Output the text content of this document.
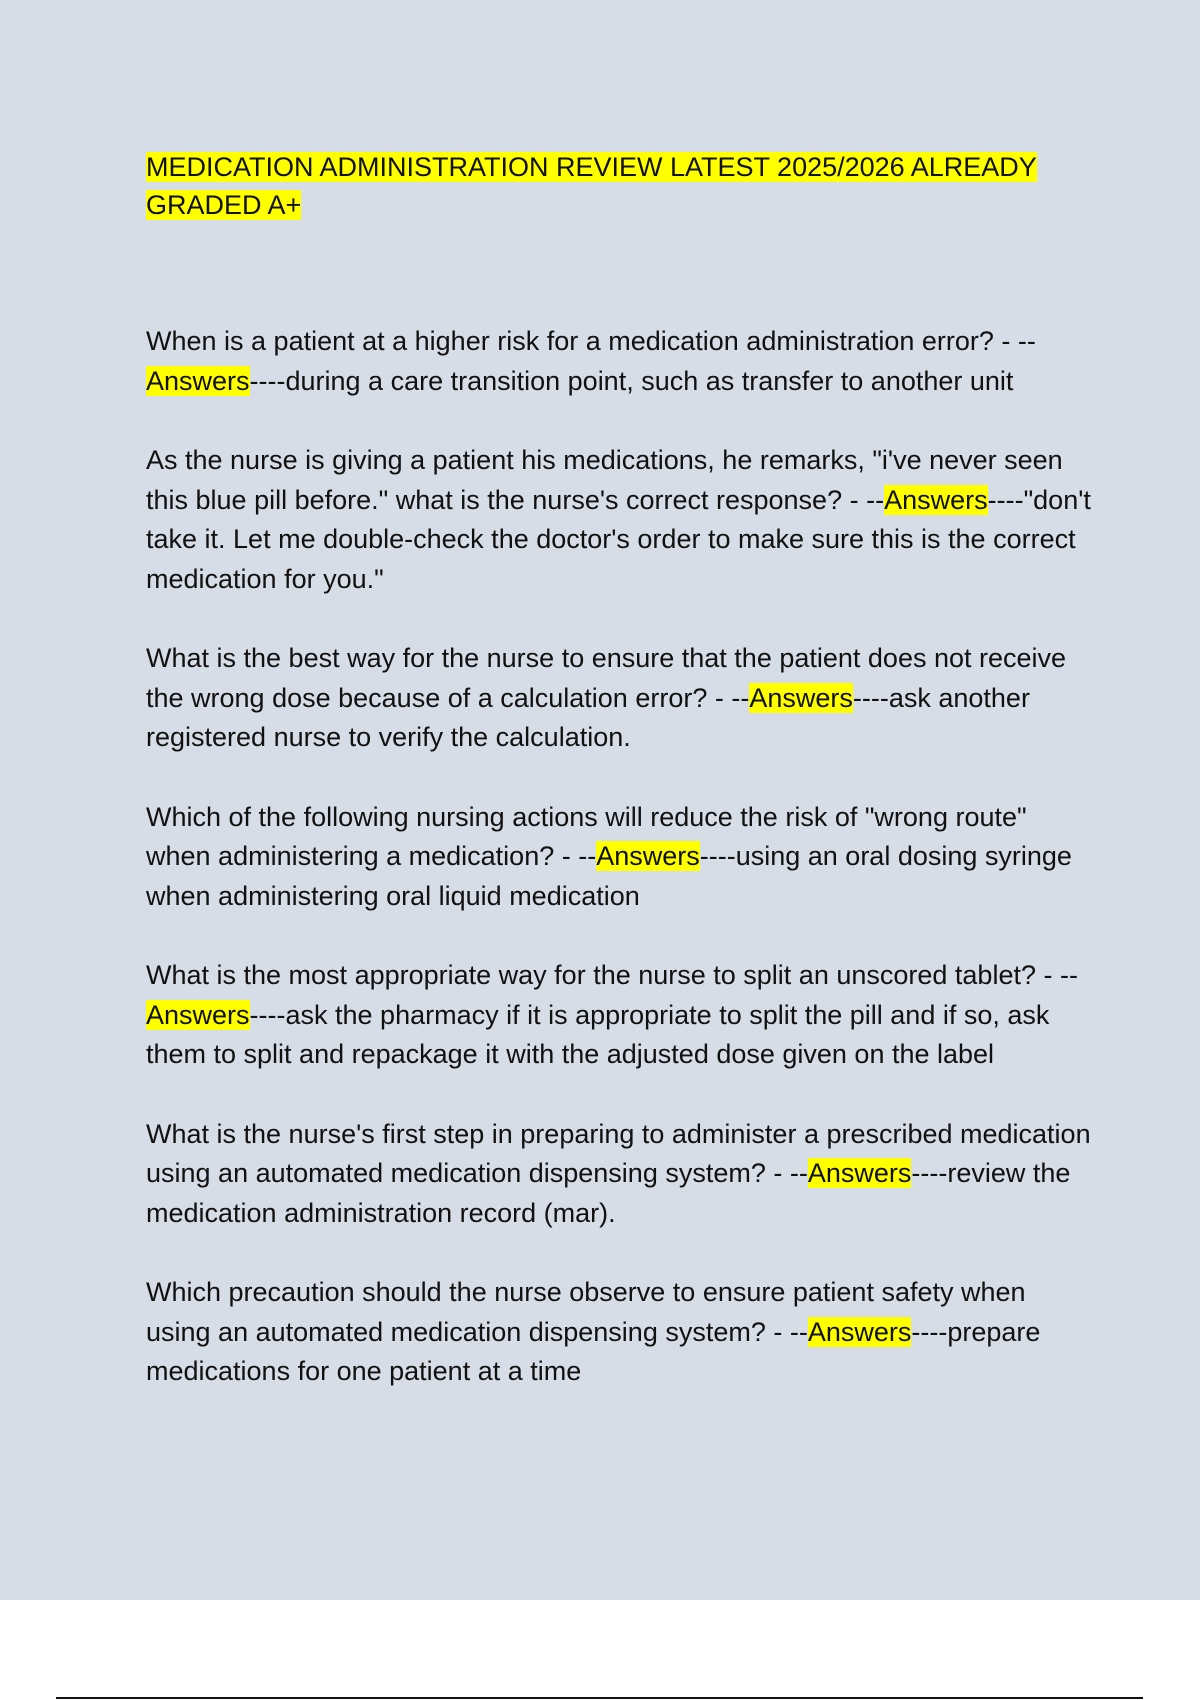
MEDICATION ADMINISTRATION REVIEW LATEST 2025/2026 ALREADY GRADED A+

When is a patient at a higher risk for a medication administration error? - --Answers----during a care transition point, such as transfer to another unit

As the nurse is giving a patient his medications, he remarks, "i've never seen this blue pill before." what is the nurse's correct response? - --Answers----"don't take it. Let me double-check the doctor's order to make sure this is the correct medication for you."

What is the best way for the nurse to ensure that the patient does not receive the wrong dose because of a calculation error? - --Answers----ask another registered nurse to verify the calculation.

Which of the following nursing actions will reduce the risk of "wrong route" when administering a medication? - --Answers----using an oral dosing syringe when administering oral liquid medication

What is the most appropriate way for the nurse to split an unscored tablet? - --Answers----ask the pharmacy if it is appropriate to split the pill and if so, ask them to split and repackage it with the adjusted dose given on the label

What is the nurse's first step in preparing to administer a prescribed medication using an automated medication dispensing system? - --Answers----review the medication administration record (mar).

Which precaution should the nurse observe to ensure patient safety when using an automated medication dispensing system? - --Answers----prepare medications for one patient at a time
